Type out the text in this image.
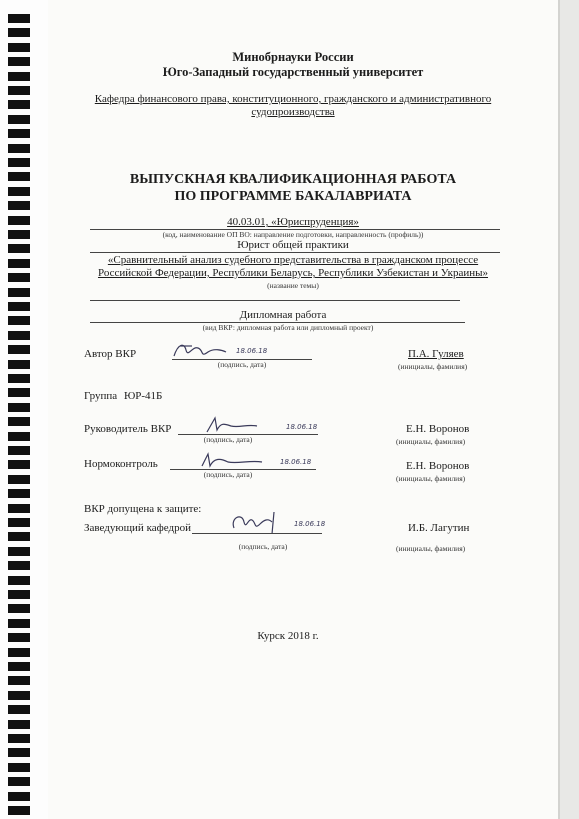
Минобрнауки России
Юго-Западный государственный университет
Кафедра финансового права, конституционного, гражданского и административного
судопроизводства
ВЫПУСКНАЯ КВАЛИФИКАЦИОННАЯ РАБОТА
ПО ПРОГРАММЕ БАКАЛАВРИАТА
40.03.01, «Юриспруденция»
(код, наименование ОП ВО: направление подготовки, направленность (профиль))
Юрист общей практики
«Сравнительный анализ судебного представительства в гражданском процессе
Российской Федерации, Республики Беларусь, Республики Узбекистан и Украины»
(название темы)
Дипломная работа
(вид ВКР: дипломная работа или дипломный проект)
Автор ВКР	18.06.18
(подпись, дата)
П.А. Гуляев
(инициалы, фамилия)
Группа ЮР-41Б
Руководитель ВКР	18.06.18
(подпись, дата)
Е.Н. Воронов
(инициалы, фамилия)
Нормоконтроль	18.06.18
(подпись, дата)
Е.Н. Воронов
(инициалы, фамилия)
ВКР допущена к защите:
Заведующий кафедрой	18.06.18
(подпись, дата)
И.Б. Лагутин
(инициалы, фамилия)
Курск 2018 г.
